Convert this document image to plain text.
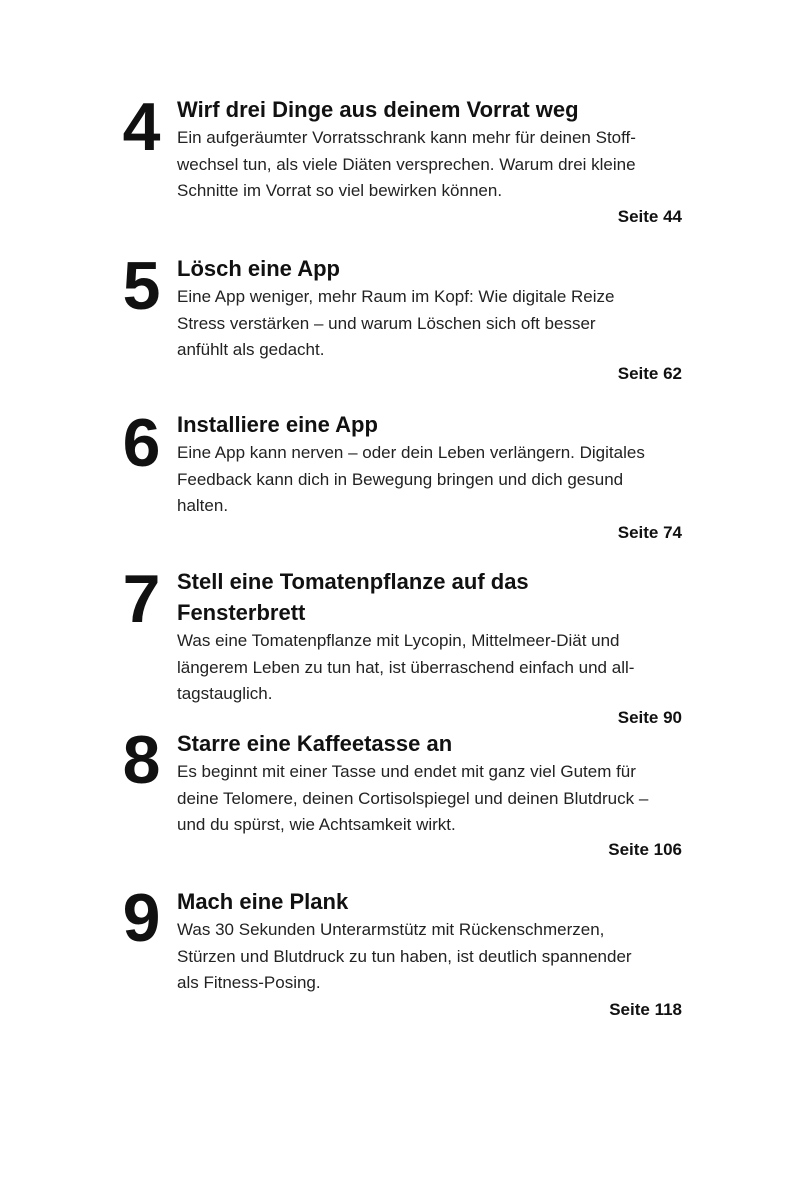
4 Wirf drei Dinge aus deinem Vorrat weg

Ein aufgeräumter Vorratsschrank kann mehr für deinen Stoff-

wechsel tun, als viele Diäten versprechen. Warum drei kleine

Schnitte im Vorrat so viel bewirken können.

Seite 44
5 Lösch eine App

Eine App weniger, mehr Raum im Kopf: Wie digitale Reize

Stress verstärken – und warum Löschen sich oft besser

anfühlt als gedacht.

Seite 62
6 Installiere eine App

Eine App kann nerven – oder dein Leben verlängern. Digitales

Feedback kann dich in Bewegung bringen und dich gesund

halten.

Seite 74
7 Stell eine Tomatenpflanze auf das

Fensterbrett

Was eine Tomatenpflanze mit Lycopin, Mittelmeer-Diät und

längerem Leben zu tun hat, ist überraschend einfach und all-

tagstauglich.

Seite 90
8 Starre eine Kaffeetasse an

Es beginnt mit einer Tasse und endet mit ganz viel Gutem für

deine Telomere, deinen Cortisolspiegel und deinen Blutdruck –

und du spürst, wie Achtsamkeit wirkt.

Seite 106
9 Mach eine Plank

Was 30 Sekunden Unterarmstütz mit Rückenschmerzen,

Stürzen und Blutdruck zu tun haben, ist deutlich spannender

als Fitness-Posing.

Seite 118
